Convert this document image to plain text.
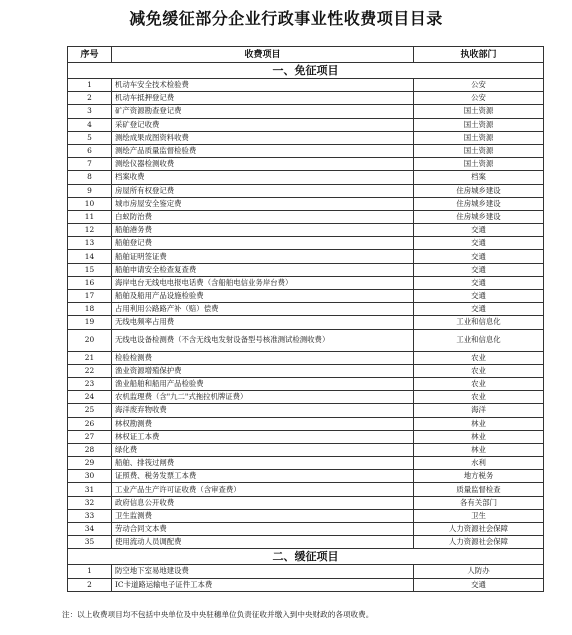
减免缓征部分企业行政事业性收费项目目录
序号	收费项目	执收部门
一、免征项目		
1	机动车安全技术检验费	公安
2	机动车抵押登记费	公安
3	矿产资源勘查登记费	国土资源
4	采矿登记收费	国土资源
5	测绘成果成图资料收费	国土资源
6	测绘产品质量监督检验费	国土资源
7	测绘仪器检测收费	国土资源
8	档案收费	档案
9	房屋所有权登记费	住房城乡建设
10	城市房屋安全鉴定费	住房城乡建设
11	白蚁防治费	住房城乡建设
12	船舶港务费	交通
13	船舶登记费	交通
14	船舶证明签证费	交通
15	船舶申请安全检查复查费	交通
16	海岸电台无线电电报电话费（含船舶电信业务岸台费）	交通
17	船舶及船用产品设施检验费	交通
18	占用利用公路路产补（赔）偿费	交通
19	无线电频率占用费	工业和信息化
20	无线电设备检测费（不含无线电发射设备型号核准测试检测收费）	工业和信息化
21	检验检测费	农业
22	渔业资源增殖保护费	农业
23	渔业船舶和船用产品检验费	农业
24	农机监理费（含"九二"式拖拉机牌证费）	农业
25	海洋废弃物收费	海洋
26	林权勘测费	林业
27	林权证工本费	林业
28	绿化费	林业
29	船舶、排筏过闸费	水利
30	证照费、税务发票工本费	地方税务
31	工业产品生产许可证收费（含审查费）	质量监督检查
32	政府信息公开收费	各有关部门
33	卫生监测费	卫生
34	劳动合同文本费	人力资源社会保障
35	使用流动人员调配费	人力资源社会保障
二、缓征项目		
1	防空地下室易地建设费	人防办
2	IC卡道路运输电子证件工本费	交通
注：以上收费项目均不包括中央单位及中央驻穗单位负责征收并缴入到中央财政的各项收费。
